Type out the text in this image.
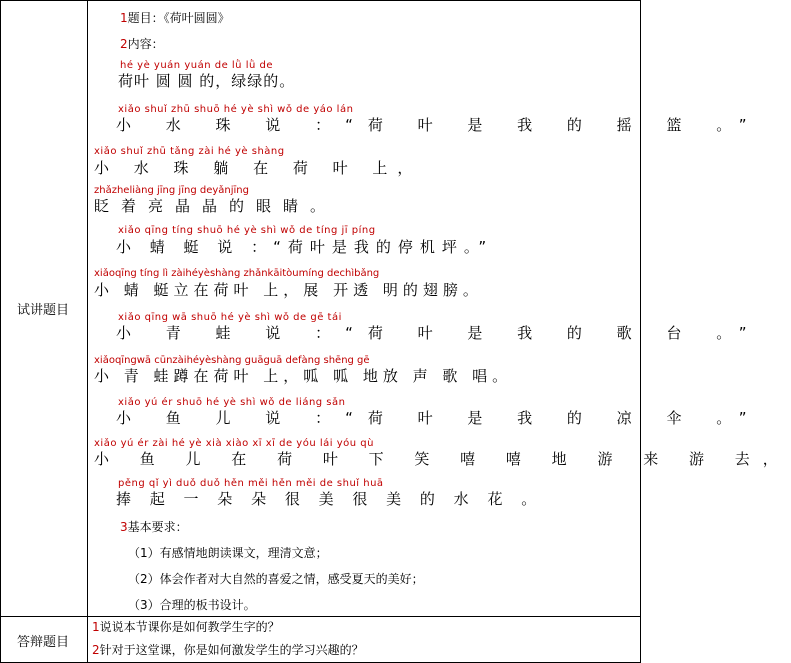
试讲题目
答辩题目
1题目：《荷叶圆圆》
2内容：
hé yè yuán yuán de lǜ lǜ de
荷叶 圆 圆 的，绿绿的。
xiǎo shuǐ zhū shuō hé yè shì wǒ de yáo lán
小 水 珠 说 ：“荷 叶 是 我 的 摇 篮 。”
xiǎo shuǐ zhū tǎng zài hé yè shàng
小 水 珠 躺 在 荷 叶 上，
zhǎzheliàng jīng jīng deyǎnjīng
眨着亮晶晶的眼睛。
xiǎo qīng tíng shuō hé yè shì wǒ de tíng jī píng
小 蜻 蜓 说 ：“荷叶是我的停机坪。”
xiǎoqīng tíng lì zàihéyèshàng zhǎnkāitòumíng dechìbǎng
小 蜻 蜓立在荷叶 上，展 开透 明的翅膀。
xiǎo qīng wā shuō hé yè shì wǒ de gē tái
小 青 蛙 说 ：“荷 叶 是 我 的 歌 台 。”
xiǎoqīngwā cūnzàihéyèshàng guāguā defàng shēng gē
小 青 蛙蹲在荷叶 上，呱 呱 地放 声 歌 唱。
xiǎo yú ér shuō hé yè shì wǒ de liáng sǎn
小 鱼 儿 说 ：“荷 叶 是 我 的 凉 伞 。”
xiǎo yú ér zài hé yè xià xiào xī xī de yóu lái yóu qù
小 鱼 儿 在 荷 叶 下 笑 嘻 嘻 地 游 来 游 去，
pěng qǐ yì duǒ duǒ hěn měi hěn měi de shuǐ huā
捧 起 一 朵 朵 很 美 很 美 的 水 花 。
3基本要求：
（1）有感情地朗读课文，理清文意；
（2）体会作者对大自然的喜爱之情，感受夏天的美好；
（3）合理的板书设计。
1说说本节课你是如何教学生字的？
2针对于这堂课，你是如何激发学生的学习兴趣的？
